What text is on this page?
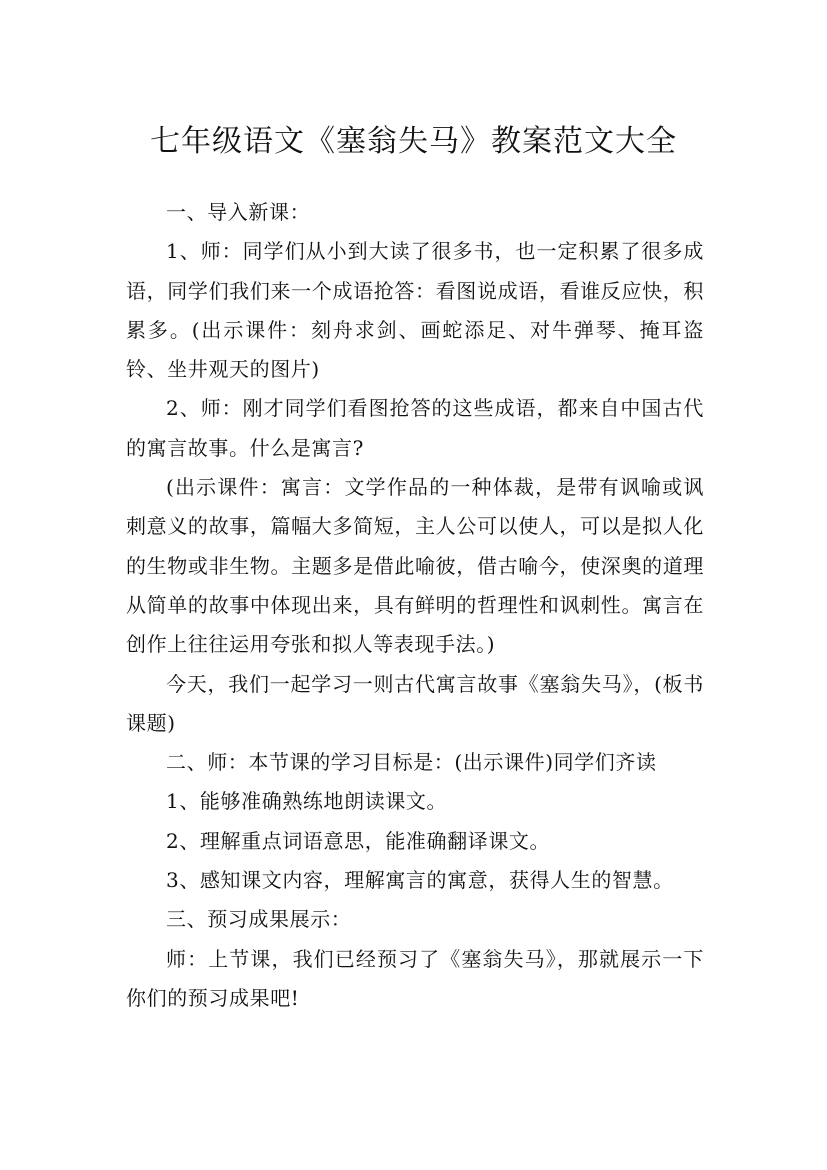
七年级语文《塞翁失马》教案范文大全

一、导入新课：

1、师：同学们从小到大读了很多书，也一定积累了很多成语，同学们我们来一个成语抢答：看图说成语，看谁反应快，积累多。(出示课件：刻舟求剑、画蛇添足、对牛弹琴、掩耳盗铃、坐井观天的图片)

2、师：刚才同学们看图抢答的这些成语，都来自中国古代的寓言故事。什么是寓言?

(出示课件：寓言：文学作品的一种体裁，是带有讽喻或讽刺意义的故事，篇幅大多简短，主人公可以使人，可以是拟人化的生物或非生物。主题多是借此喻彼，借古喻今，使深奥的道理从简单的故事中体现出来，具有鲜明的哲理性和讽刺性。寓言在创作上往往运用夸张和拟人等表现手法。)

今天，我们一起学习一则古代寓言故事《塞翁失马》，(板书课题)

二、师：本节课的学习目标是：(出示课件)同学们齐读

1、能够准确熟练地朗读课文。

2、理解重点词语意思，能准确翻译课文。

3、感知课文内容，理解寓言的寓意，获得人生的智慧。

三、预习成果展示：

师：上节课，我们已经预习了《塞翁失马》，那就展示一下你们的预习成果吧!
